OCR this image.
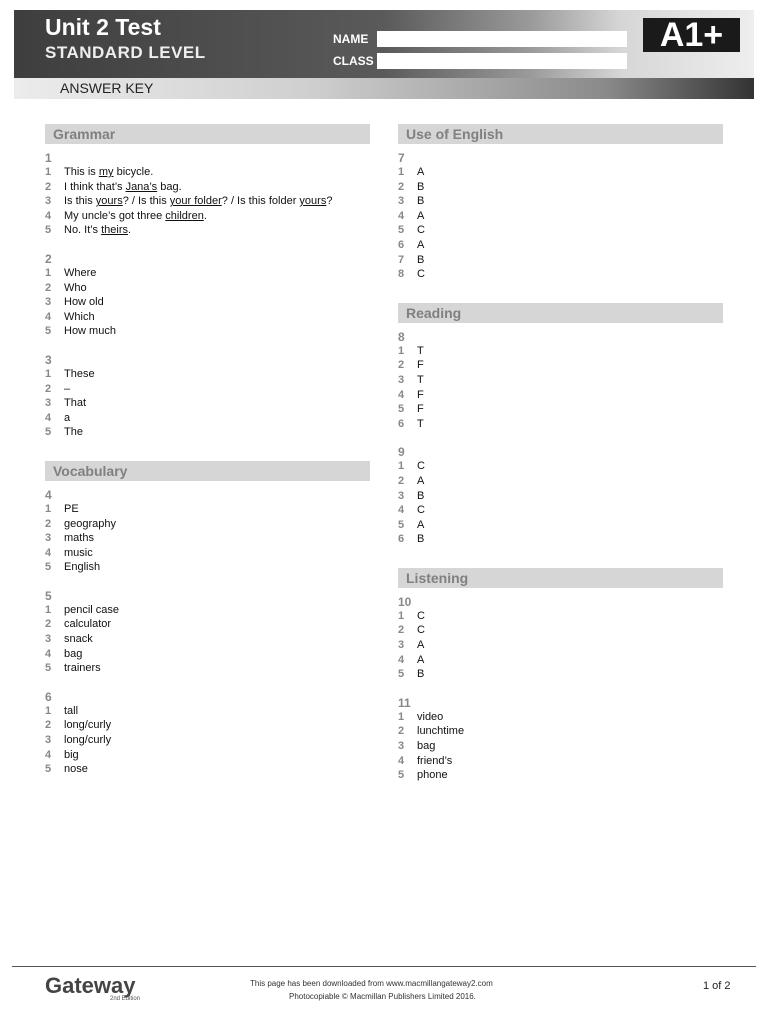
Unit 2 Test
STANDARD LEVEL
NAME
CLASS
A1+
ANSWER KEY
Grammar
1
1 This is my bicycle.
2 I think that’s Jana’s bag.
3 Is this yours? / Is this your folder? / Is this folder yours?
4 My uncle’s got three children.
5 No. It’s theirs.
2
1 Where
2 Who
3 How old
4 Which
5 How much
3
1 These
2 –
3 That
4 a
5 The
Vocabulary
4
1 PE
2 geography
3 maths
4 music
5 English
5
1 pencil case
2 calculator
3 snack
4 bag
5 trainers
6
1 tall
2 long/curly
3 long/curly
4 big
5 nose
Use of English
7
1 A
2 B
3 B
4 A
5 C
6 A
7 B
8 C
Reading
8
1 T
2 F
3 T
4 F
5 F
6 T
9
1 C
2 A
3 B
4 C
5 A
6 B
Listening
10
1 C
2 C
3 A
4 A
5 B
11
1 video
2 lunchtime
3 bag
4 friend’s
5 phone
Gateway
2nd Edition
This page has been downloaded from www.macmillangateway2.com
Photocopiable © Macmillan Publishers Limited 2016.
1 of 2
